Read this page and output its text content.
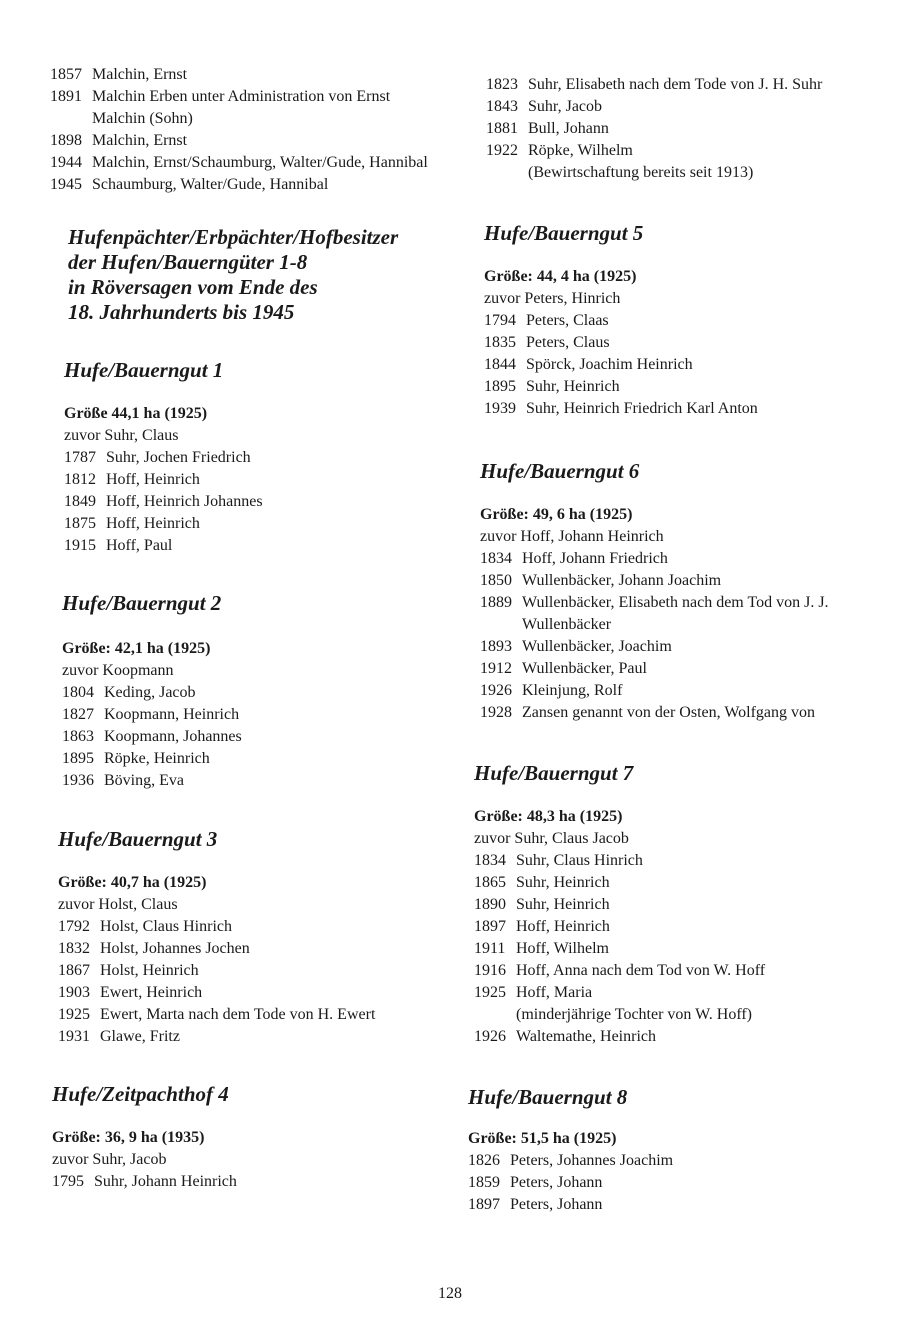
1857 Malchin, Ernst
1891 Malchin Erben unter Administration von Ernst Malchin (Sohn)
1898 Malchin, Ernst
1944 Malchin, Ernst/Schaumburg, Walter/Gude, Hannibal
1945 Schaumburg, Walter/Gude, Hannibal
Hufenpächter/Erbpächter/Hofbesitzer
der Hufen/Bauerngüter 1-8
in Röversagen vom Ende des
18. Jahrhunderts bis 1945
Hufe/Bauerngut 1
Größe 44,1 ha (1925)
zuvor Suhr, Claus
1787 Suhr, Jochen Friedrich
1812 Hoff, Heinrich
1849 Hoff, Heinrich Johannes
1875 Hoff, Heinrich
1915 Hoff, Paul
Hufe/Bauerngut 2
Größe: 42,1 ha (1925)
zuvor Koopmann
1804 Keding, Jacob
1827 Koopmann, Heinrich
1863 Koopmann, Johannes
1895 Röpke, Heinrich
1936 Böving, Eva
Hufe/Bauerngut 3
Größe: 40,7 ha (1925)
zuvor Holst, Claus
1792 Holst, Claus Hinrich
1832 Holst, Johannes Jochen
1867 Holst, Heinrich
1903 Ewert, Heinrich
1925 Ewert, Marta nach dem Tode von H. Ewert
1931 Glawe, Fritz
Hufe/Zeitpachthof 4
Größe: 36, 9 ha (1935)
zuvor Suhr, Jacob
1795 Suhr, Johann Heinrich
1823 Suhr, Elisabeth nach dem Tode von J. H. Suhr
1843 Suhr, Jacob
1881 Bull, Johann
1922 Röpke, Wilhelm
(Bewirtschaftung bereits seit 1913)
Hufe/Bauerngut 5
Größe: 44, 4 ha (1925)
zuvor Peters, Hinrich
1794 Peters, Claas
1835 Peters, Claus
1844 Spörck, Joachim Heinrich
1895 Suhr, Heinrich
1939 Suhr, Heinrich Friedrich Karl Anton
Hufe/Bauerngut 6
Größe: 49, 6 ha (1925)
zuvor Hoff, Johann Heinrich
1834 Hoff, Johann Friedrich
1850 Wullenbäcker, Johann Joachim
1889 Wullenbäcker, Elisabeth nach dem Tod von J. J. Wullenbäcker
1893 Wullenbäcker, Joachim
1912 Wullenbäcker, Paul
1926 Kleinjung, Rolf
1928 Zansen genannt von der Osten, Wolfgang von
Hufe/Bauerngut 7
Größe: 48,3 ha (1925)
zuvor Suhr, Claus Jacob
1834 Suhr, Claus Hinrich
1865 Suhr, Heinrich
1890 Suhr, Heinrich
1897 Hoff, Heinrich
1911 Hoff, Wilhelm
1916 Hoff, Anna nach dem Tod von W. Hoff
1925 Hoff, Maria
(minderjährige Tochter von W. Hoff)
1926 Waltemathe, Heinrich
Hufe/Bauerngut 8
Größe: 51,5 ha (1925)
1826 Peters, Johannes Joachim
1859 Peters, Johann
1897 Peters, Johann
128
